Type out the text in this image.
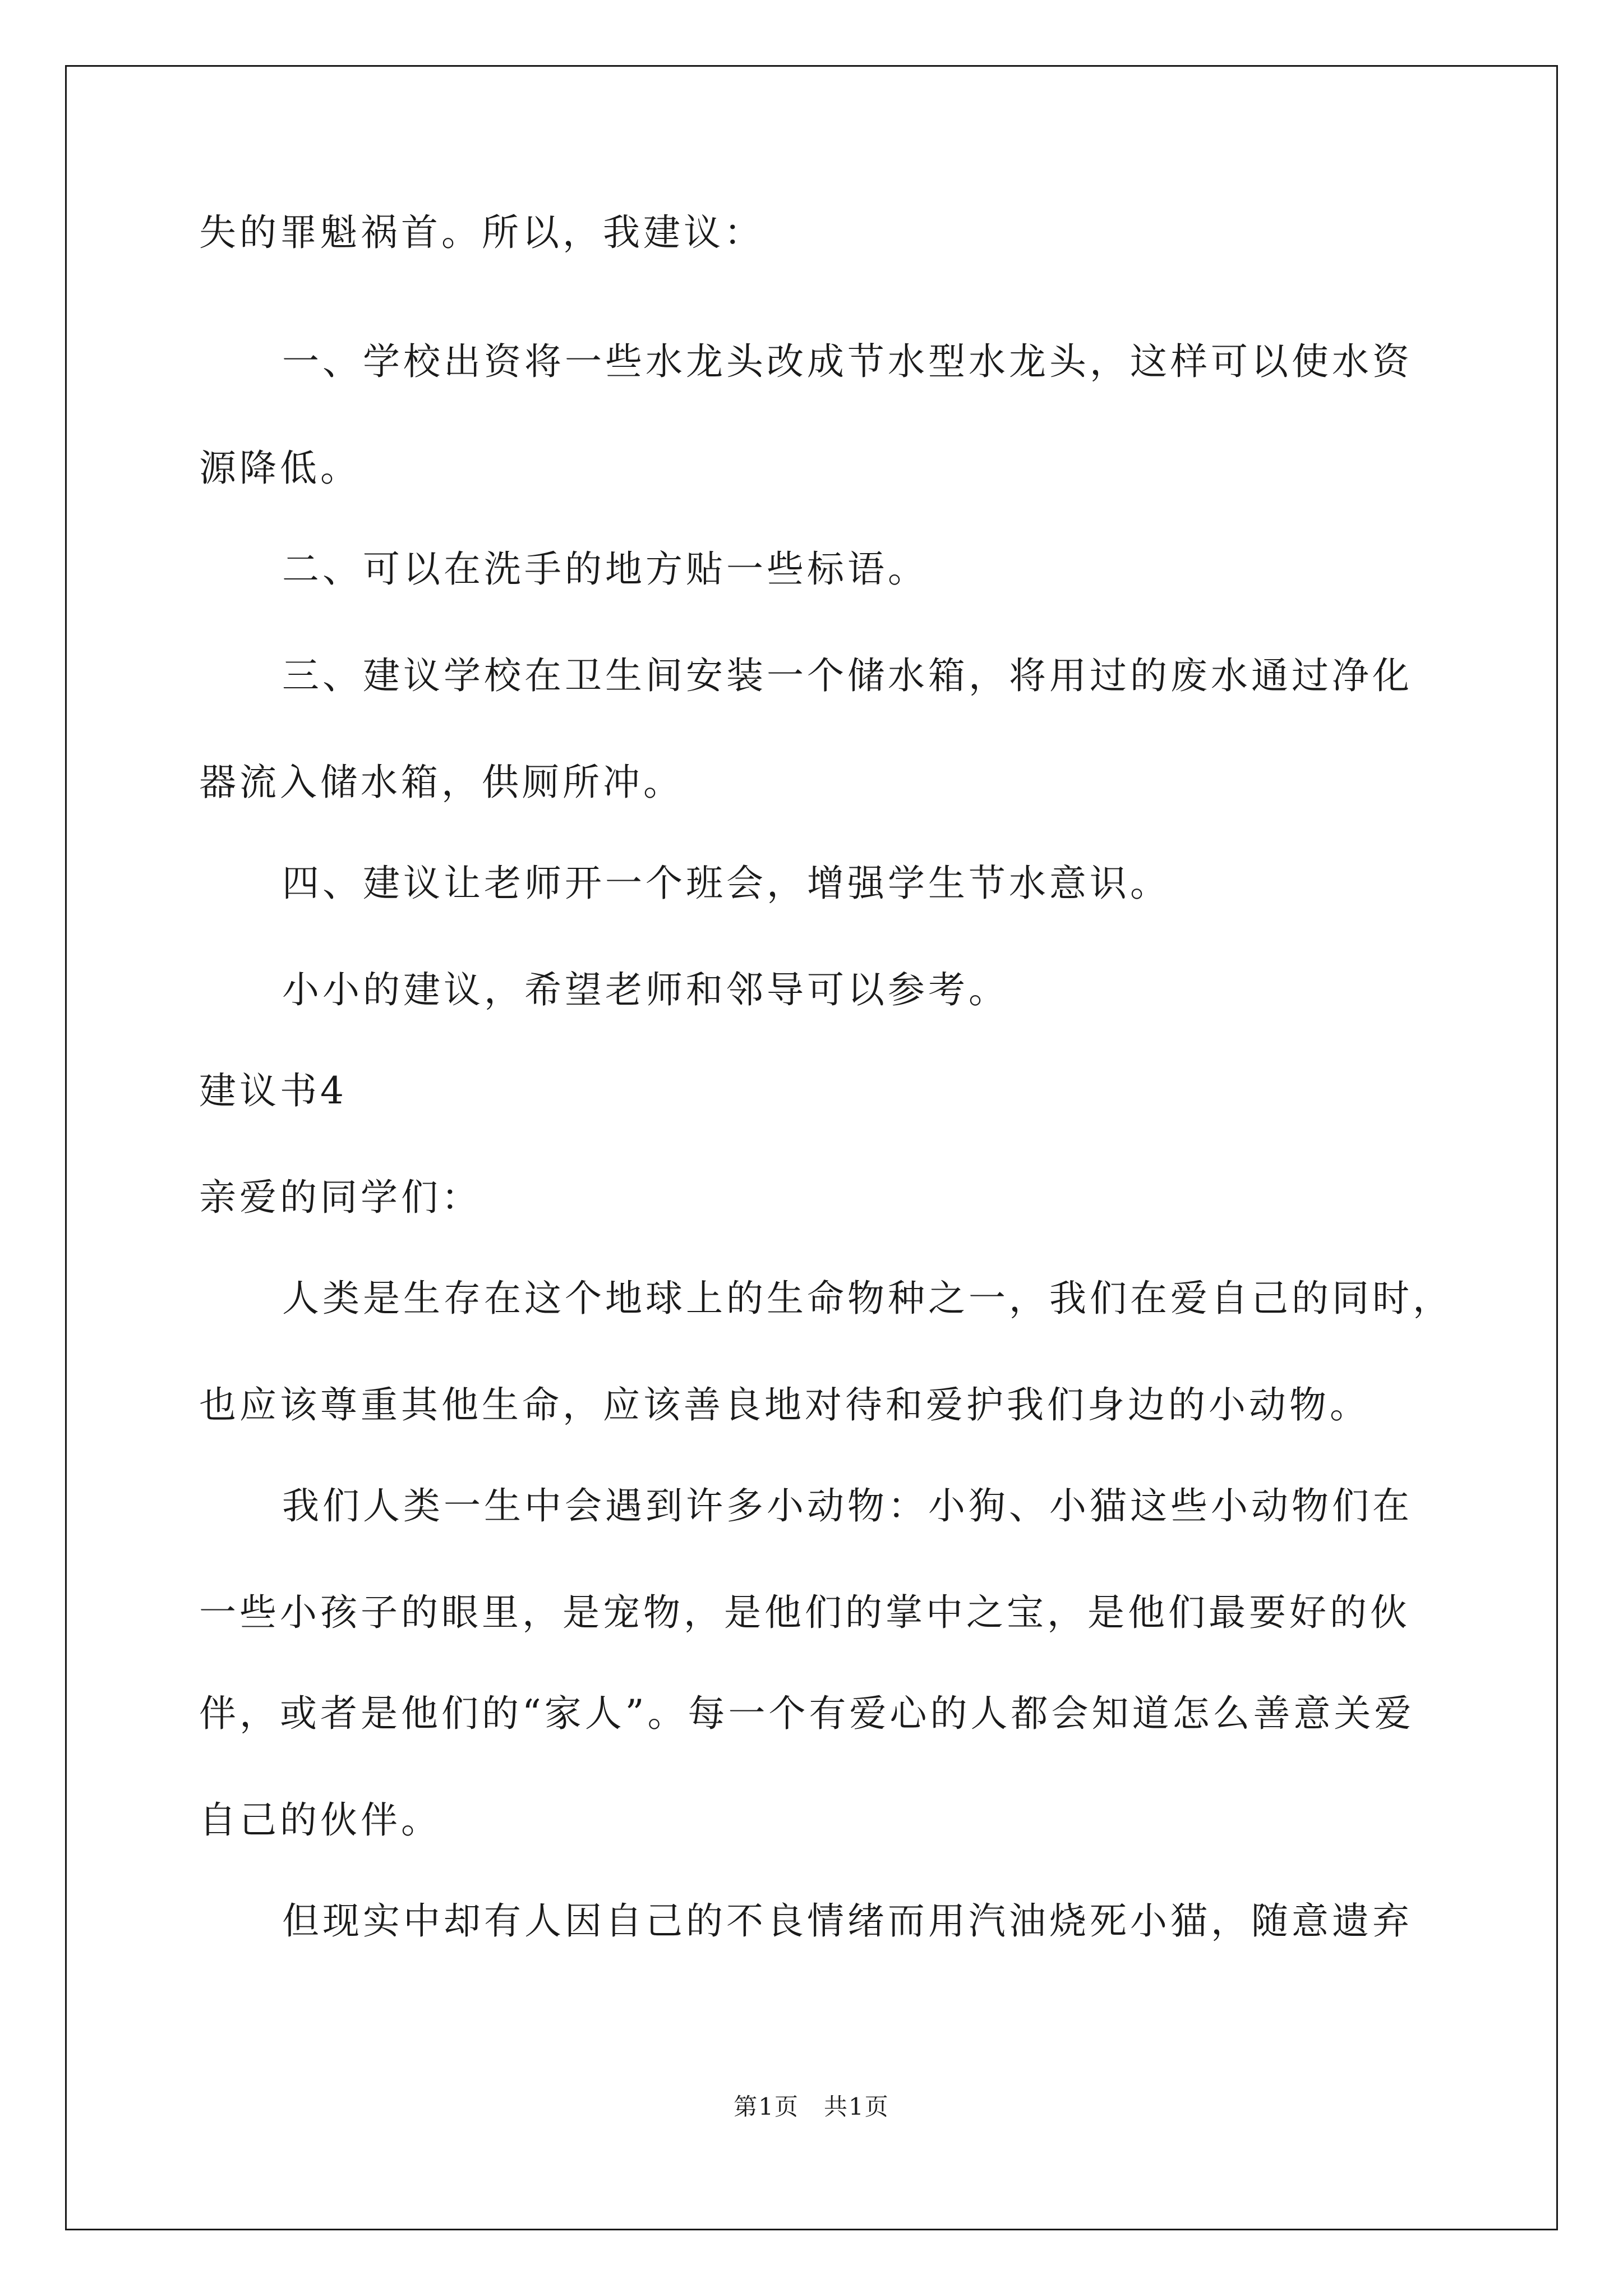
失的罪魁祸首。所以，我建议：
一、学校出资将一些水龙头改成节水型水龙头，这样可以使水资
源降低。
二、可以在洗手的地方贴一些标语。
三、建议学校在卫生间安装一个储水箱，将用过的废水通过净化
器流入储水箱，供厕所冲。
四、建议让老师开一个班会，增强学生节水意识。
小小的建议，希望老师和邻导可以参考。
建议书4
亲爱的同学们：
人类是生存在这个地球上的生命物种之一，我们在爱自己的同时，
也应该尊重其他生命，应该善良地对待和爱护我们身边的小动物。
我们人类一生中会遇到许多小动物：小狗、小猫这些小动物们在
一些小孩子的眼里，是宠物，是他们的掌中之宝，是他们最要好的伙
伴，或者是他们的“家人”。每一个有爱心的人都会知道怎么善意关爱
自己的伙伴。
但现实中却有人因自己的不良情绪而用汽油烧死小猫，随意遗弃
第1页　共1页
